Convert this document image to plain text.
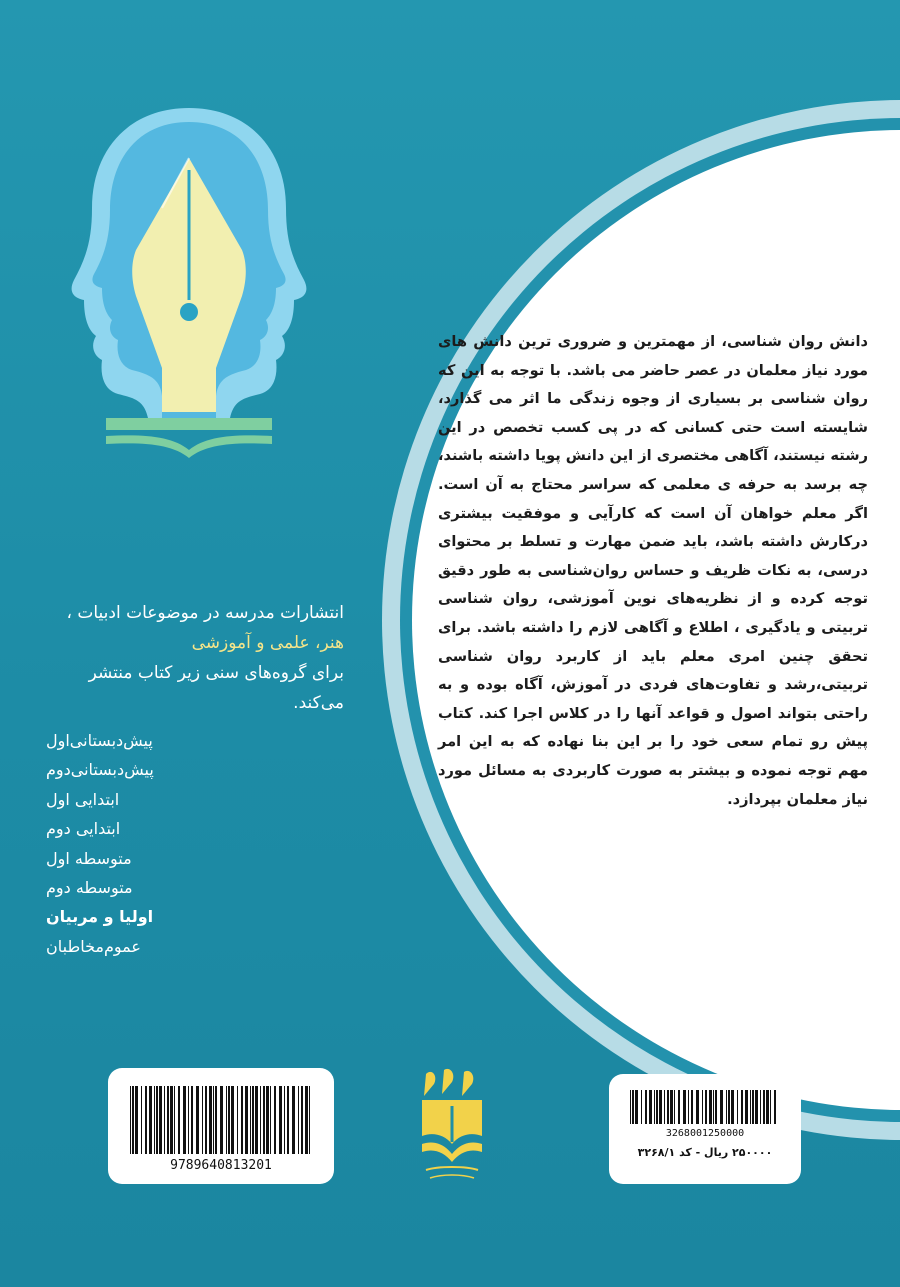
دانش روان شناسی، از مهمترین و ضروری ترین دانش های مورد نیاز معلمان در عصر حاضر می باشد. با توجه به این که روان شناسی بر بسیاری از وجوه زندگی ما اثر می گذارد، شایسته است حتی کسانی که در پی کسب تخصص در این رشته نیستند، آگاهی مختصری از این دانش پویا داشته باشند، چه برسد به حرفه ی معلمی که سراسر محتاج به آن است. اگر معلم خواهان آن است که کارآیی و موفقیت بیشتری درکارش داشته باشد، باید ضمن مهارت و تسلط بر محتوای درسی، به نکات ظریف و حساس روان‌شناسی به طور دقیق توجه کرده و از نظریه‌های نوین آموزشی، روان شناسی تربیتی و یادگیری ، اطلاع و آگاهی لازم را داشته باشد. برای تحقق چنین امری معلم باید از کاربرد روان شناسی تربیتی،رشد و تفاوت‌های فردی در آموزش، آگاه بوده و به راحتی بتواند اصول و قواعد آنها را در کلاس اجرا کند. کتاب پیش رو تمام سعی خود را بر این بنا نهاده که به این امر مهم توجه نموده و بیشتر به صورت کاربردی به مسائل مورد نیاز معلمان بپردازد.

انتشارات مدرسه در موضوعات ادبیات ،
هنر، علمی و آموزشی
برای گروه‌های سنی زیر کتاب منتشر
می‌کند.
پیش‌دبستانی‌اول
پیش‌دبستانی‌دوم
ابتدایی اول
ابتدایی دوم
متوسطه اول
متوسطه دوم
اولیا و مربیان
عموم‌مخاطبان
9789640813201
3268001250000
۲۵۰۰۰۰ ریال - کد ۳۲۶۸/۱
